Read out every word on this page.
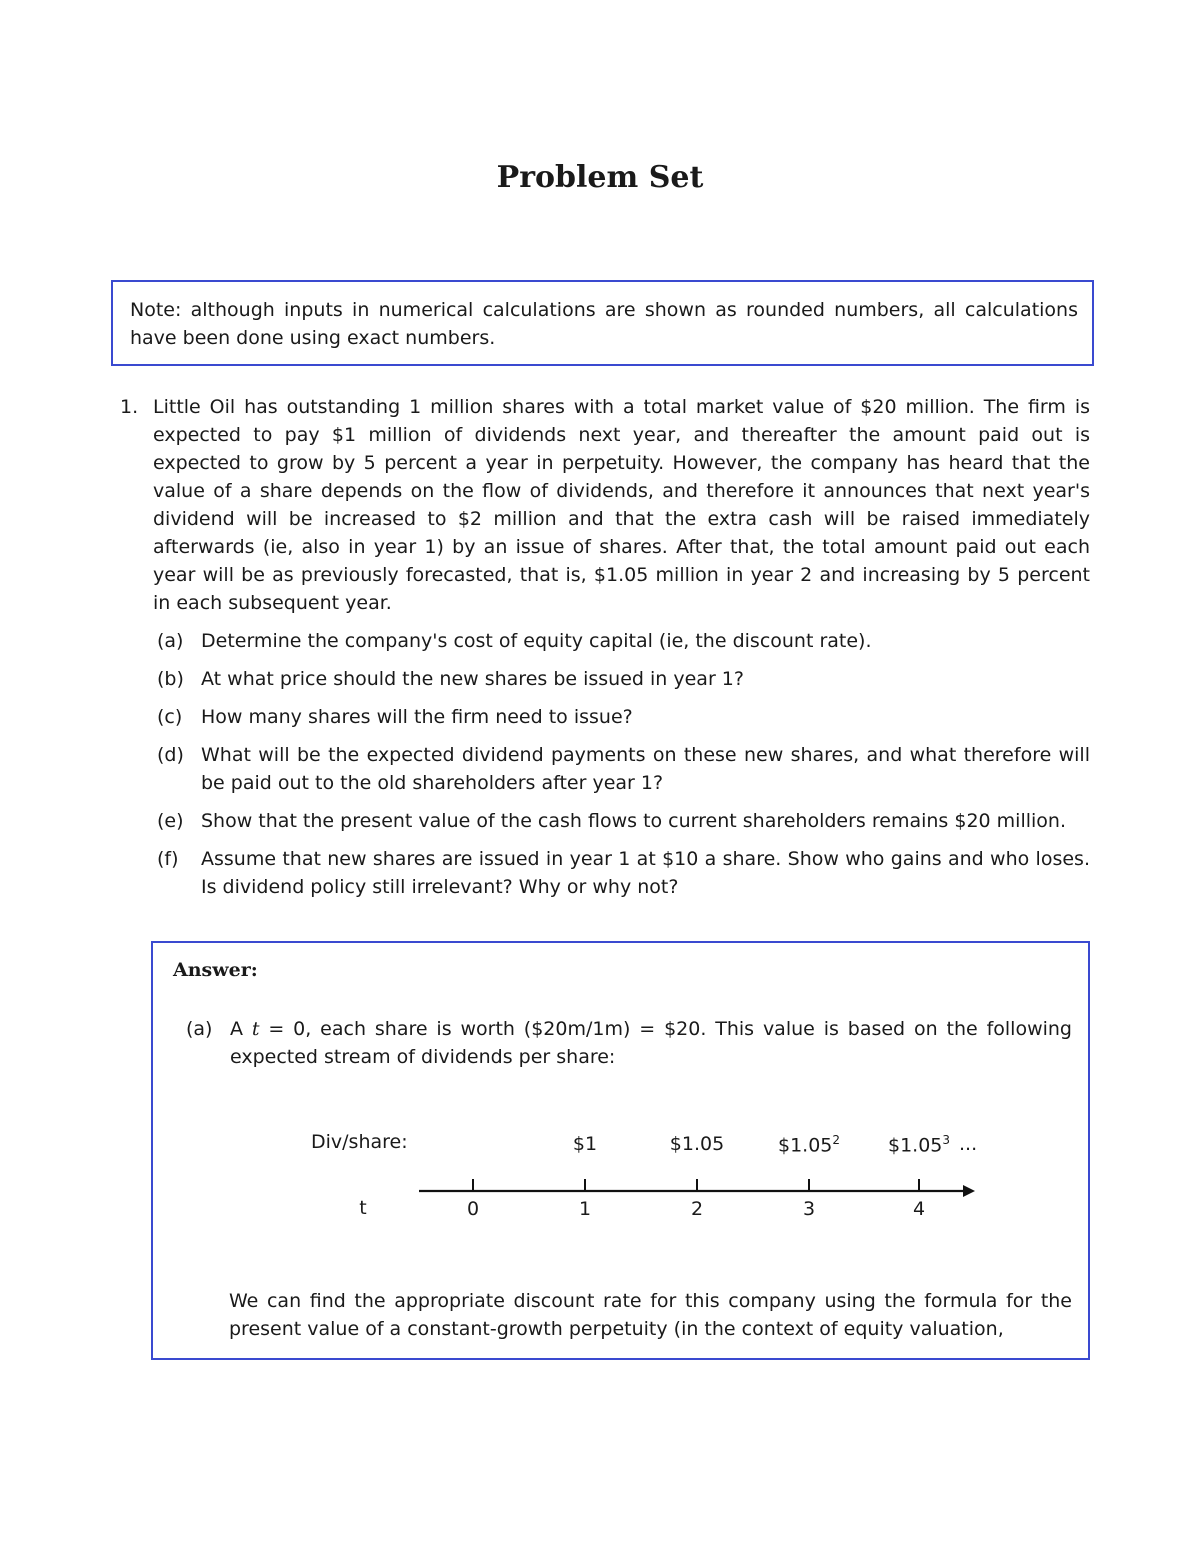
Problem Set
Note: although inputs in numerical calculations are shown as rounded numbers, all calculations have been done using exact numbers.
1. Little Oil has outstanding 1 million shares with a total market value of $20 million. The firm is expected to pay $1 million of dividends next year, and thereafter the amount paid out is expected to grow by 5 percent a year in perpetuity. However, the company has heard that the value of a share depends on the flow of dividends, and therefore it announces that next year's dividend will be increased to $2 million and that the extra cash will be raised immediately afterwards (ie, also in year 1) by an issue of shares. After that, the total amount paid out each year will be as previously forecasted, that is, $1.05 million in year 2 and increasing by 5 percent in each subsequent year.
(a) Determine the company's cost of equity capital (ie, the discount rate).
(b) At what price should the new shares be issued in year 1?
(c) How many shares will the firm need to issue?
(d) What will be the expected dividend payments on these new shares, and what therefore will be paid out to the old shareholders after year 1?
(e) Show that the present value of the cash flows to current shareholders remains $20 million.
(f)	Assume that new shares are issued in year 1 at $10 a share. Show who gains and who loses. Is dividend policy still irrelevant? Why or why not?
Answer:
(a) A t = 0, each share is worth ($20m/1m) = $20. This value is based on the following expected stream of dividends per share:
Div/share:
t
$1	$1.05	$1.05$^2$	$1.05$^3$ ...
0	1	2	3	4
We can find the appropriate discount rate for this company using the formula for the present value of a constant-growth perpetuity (in the context of equity valuation,
